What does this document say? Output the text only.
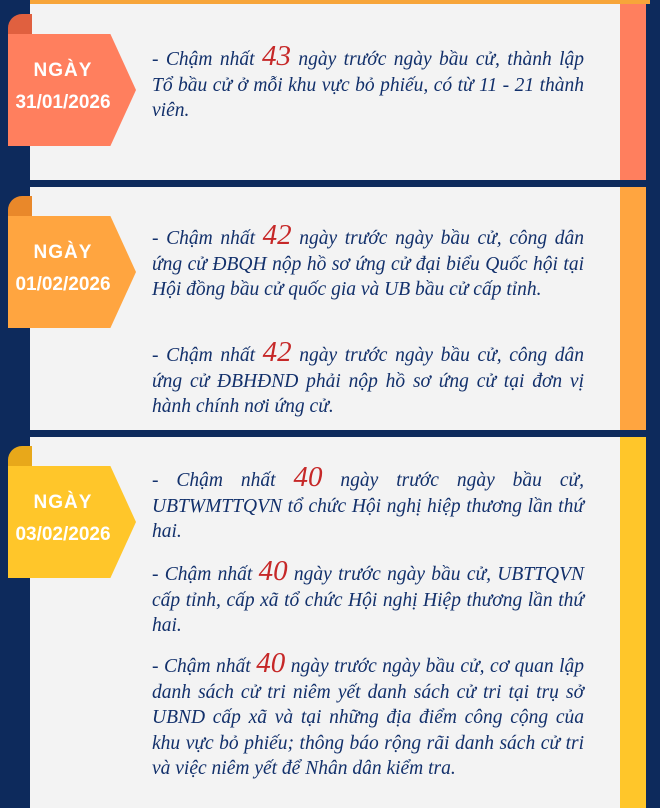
NGÀY
31/01/2026
- Chậm nhất 43 ngày trước ngày bầu cử, thành lập Tổ bầu cử ở mỗi khu vực bỏ phiếu, có từ 11 - 21 thành viên.
NGÀY
01/02/2026
- Chậm nhất 42 ngày trước ngày bầu cử, công dân ứng cử ĐBQH nộp hồ sơ ứng cử đại biểu Quốc hội tại Hội đồng bầu cử quốc gia và UB bầu cử cấp tỉnh.
- Chậm nhất 42 ngày trước ngày bầu cử, công dân ứng cử ĐBHĐND phải nộp hồ sơ ứng cử tại đơn vị hành chính nơi ứng cử.
NGÀY
03/02/2026
- Chậm nhất 40 ngày trước ngày bầu cử, UBTWMTTQVN tổ chức Hội nghị hiệp thương lần thứ hai.
- Chậm nhất 40 ngày trước ngày bầu cử, UBTTQVN cấp tỉnh, cấp xã tổ chức Hội nghị Hiệp thương lần thứ hai.
- Chậm nhất 40 ngày trước ngày bầu cử, cơ quan lập danh sách cử tri niêm yết danh sách cử tri tại trụ sở UBND cấp xã và tại những địa điểm công cộng của khu vực bỏ phiếu; thông báo rộng rãi danh sách cử tri và việc niêm yết để Nhân dân kiểm tra.
